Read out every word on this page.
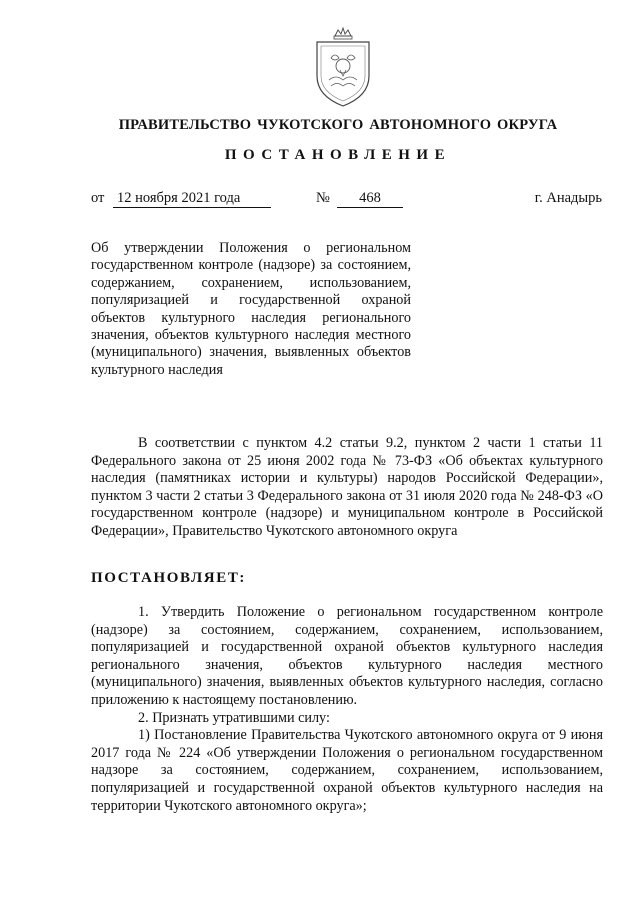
ПРАВИТЕЛЬСТВО ЧУКОТСКОГО АВТОНОМНОГО ОКРУГА
ПОСТАНОВЛЕНИЕ
от 12 ноября 2021 года	№	468	г. Анадырь
Об утверждении Положения о региональном государственном контроле (надзоре) за состоянием, содержанием, сохранением, использованием, популяризацией и государственной охраной объектов культурного наследия регионального значения, объектов культурного наследия местного (муниципального) значения, выявленных объектов культурного наследия
В соответствии с пунктом 4.2 статьи 9.2, пунктом 2 части 1 статьи 11 Федерального закона от 25 июня 2002 года № 73-ФЗ «Об объектах культурного наследия (памятниках истории и культуры) народов Российской Федерации», пунктом 3 части 2 статьи 3 Федерального закона от 31 июля 2020 года № 248-ФЗ «О государственном контроле (надзоре) и муниципальном контроле в Российской Федерации», Правительство Чукотского автономного округа
ПОСТАНОВЛЯЕТ:

1. Утвердить Положение о региональном государственном контроле (надзоре) за состоянием, содержанием, сохранением, использованием, популяризацией и государственной охраной объектов культурного наследия регионального значения, объектов культурного наследия местного (муниципального) значения, выявленных объектов культурного наследия, согласно приложению к настоящему постановлению.

2. Признать утратившими силу:

1) Постановление Правительства Чукотского автономного округа от 9 июня 2017 года № 224 «Об утверждении Положения о региональном государственном надзоре за состоянием, содержанием, сохранением, использованием, популяризацией и государственной охраной объектов культурного наследия на территории Чукотского автономного округа»;
